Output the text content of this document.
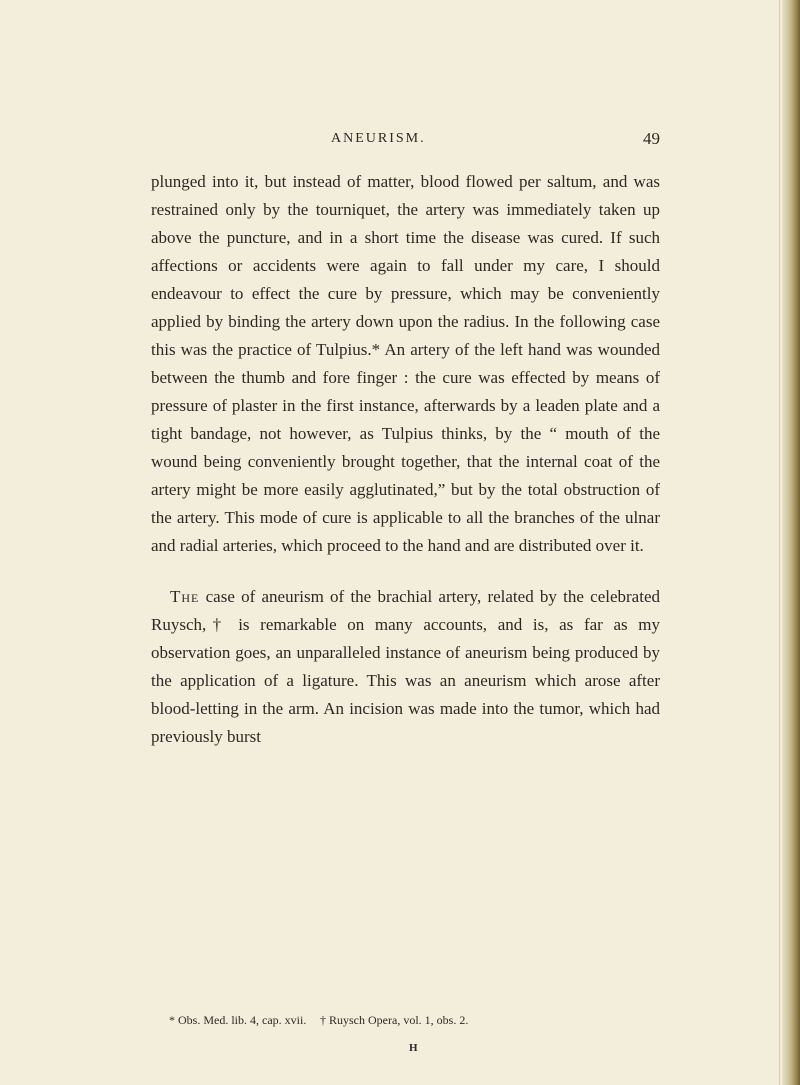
ANEURISM.	49

plunged into it, but instead of matter, blood flowed per saltum, and was restrained only by the tourniquet, the artery was immediately taken up above the puncture, and in a short time the disease was cured. If such affections or accidents were again to fall under my care, I should endeavour to effect the cure by pressure, which may be conveniently applied by binding the artery down upon the radius. In the following case this was the practice of Tulpius.* An artery of the left hand was wounded between the thumb and fore finger : the cure was effected by means of pressure of plaster in the first instance, afterwards by a leaden plate and a tight bandage, not however, as Tulpius thinks, by the “ mouth of the wound being conveniently brought together, that the internal coat of the artery might be more easily agglutinated,” but by the total obstruction of the artery. This mode of cure is applicable to all the branches of the ulnar and radial arteries, which proceed to the hand and are distributed over it.

The case of aneurism of the brachial artery, related by the celebrated Ruysch,† is remarkable on many accounts, and is, as far as my observation goes, an unparalleled instance of aneurism being produced by the application of a ligature. This was an aneurism which arose after blood-letting in the arm. An incision was made into the tumor, which had previously burst

* Obs. Med. lib. 4, cap. xvii. † Ruysch Opera, vol. 1, obs. 2.
H
